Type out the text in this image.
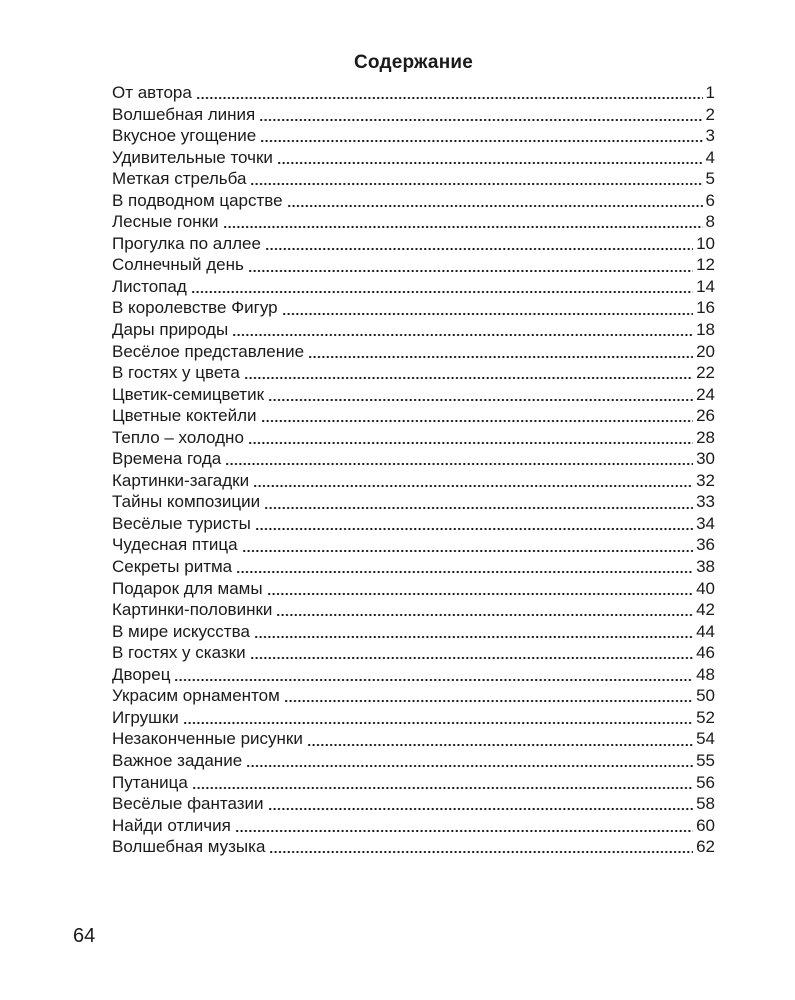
Содержание
От автора	1
Волшебная линия	2
Вкусное угощение	3
Удивительные точки	4
Меткая стрельба	5
В подводном царстве	6
Лесные гонки	8
Прогулка по аллее	10
Солнечный день	12
Листопад	14
В королевстве Фигур	16
Дары природы	18
Весёлое представление	20
В гостях у цвета	22
Цветик-семицветик	24
Цветные коктейли	26
Тепло – холодно	28
Времена года	30
Картинки-загадки	32
Тайны композиции	33
Весёлые туристы	34
Чудесная птица	36
Секреты ритма	38
Подарок для мамы	40
Картинки-половинки	42
В мире искусства	44
В гостях у сказки	46
Дворец	48
Украсим орнаментом	50
Игрушки	52
Незаконченные рисунки	54
Важное задание	55
Путаница	56
Весёлые фантазии	58
Найди отличия	60
Волшебная музыка	62
64
